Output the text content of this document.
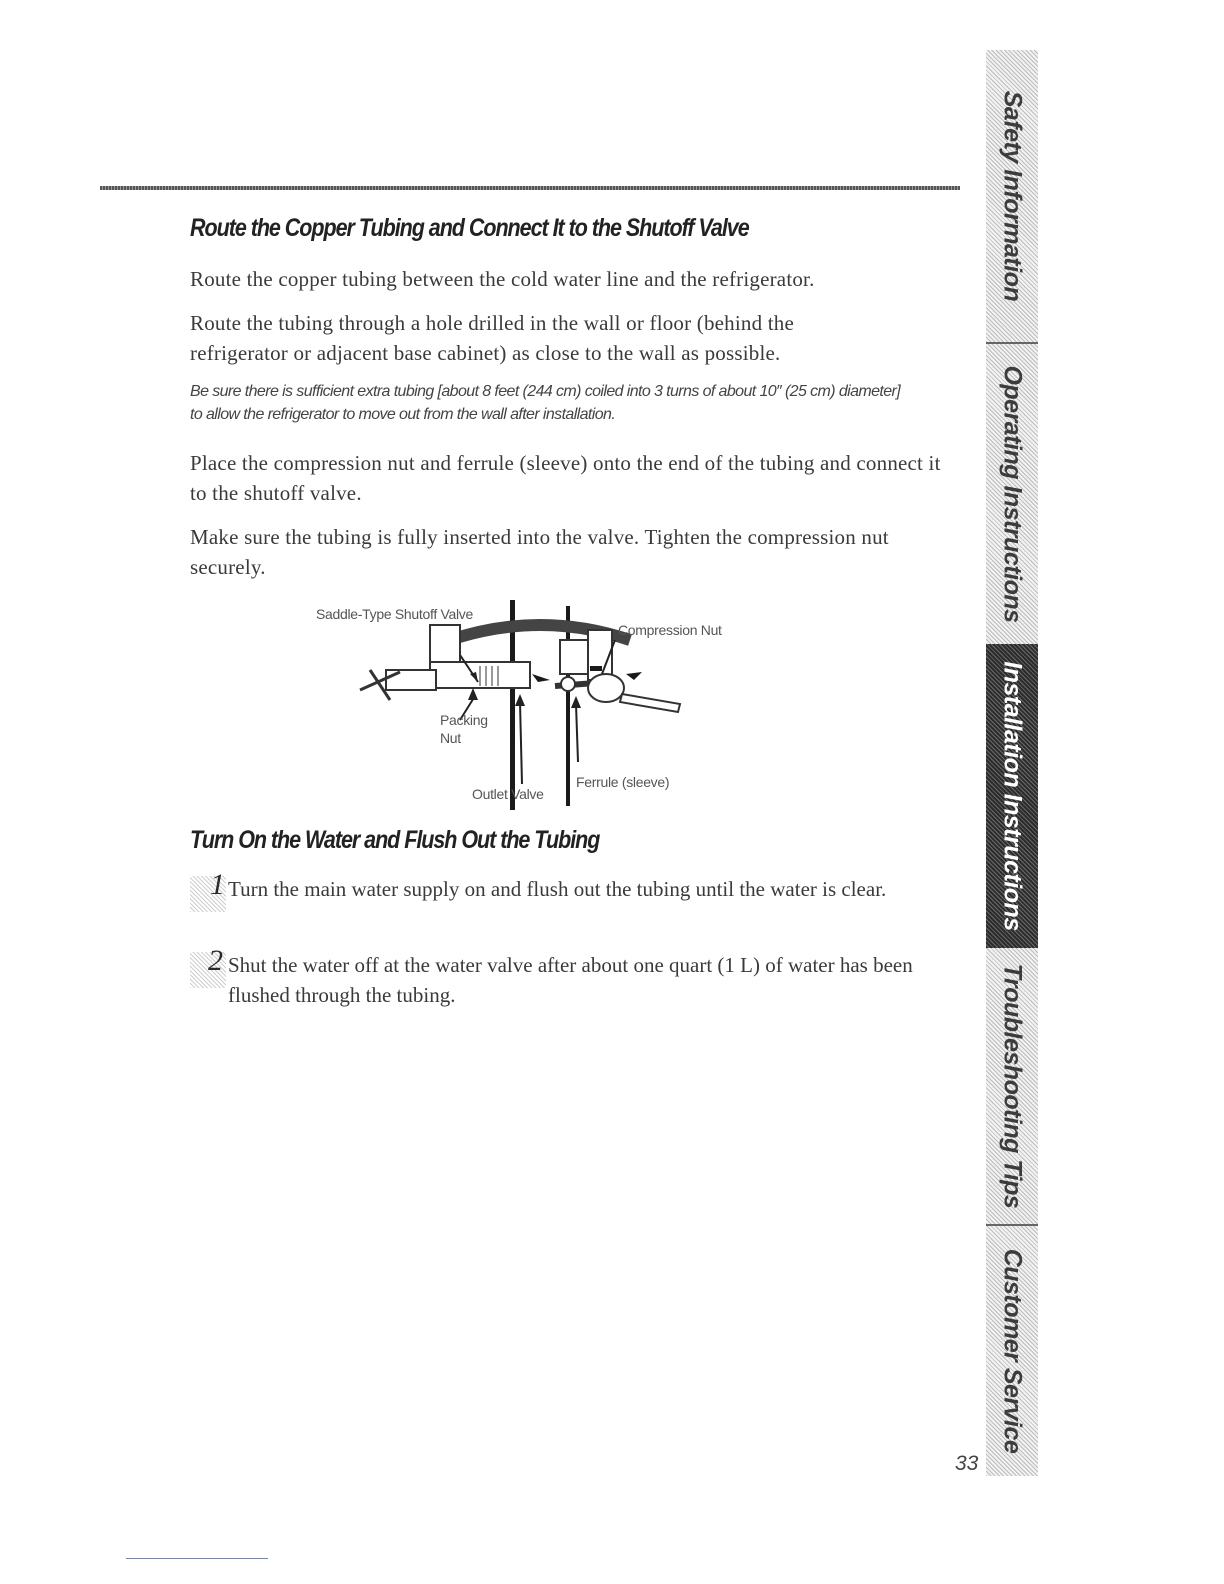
Route the Copper Tubing and Connect It to the Shutoff Valve

Route the copper tubing between the cold water line and the refrigerator.

Route the tubing through a hole drilled in the wall or floor (behind the refrigerator or adjacent base cabinet) as close to the wall as possible.

Be sure there is sufficient extra tubing [about 8 feet (244 cm) coiled into 3 turns of about 10″ (25 cm) diameter] to allow the refrigerator to move out from the wall after installation.

Place the compression nut and ferrule (sleeve) onto the end of the tubing and connect it to the shutoff valve.

Make sure the tubing is fully inserted into the valve. Tighten the compression nut securely.

Saddle-Type Shutoff Valve
Compression Nut
Packing
Nut
Outlet Valve
Ferrule (sleeve)
Turn On the Water and Flush Out the Tubing
1 Turn the main water supply on and flush out the tubing until the water is clear.

2 Shut the water off at the water valve after about one quart (1 L) of water has been flushed through the tubing.

Safety Information
Operating Instructions
Installation Instructions
Troubleshooting Tips
Customer Service
33
